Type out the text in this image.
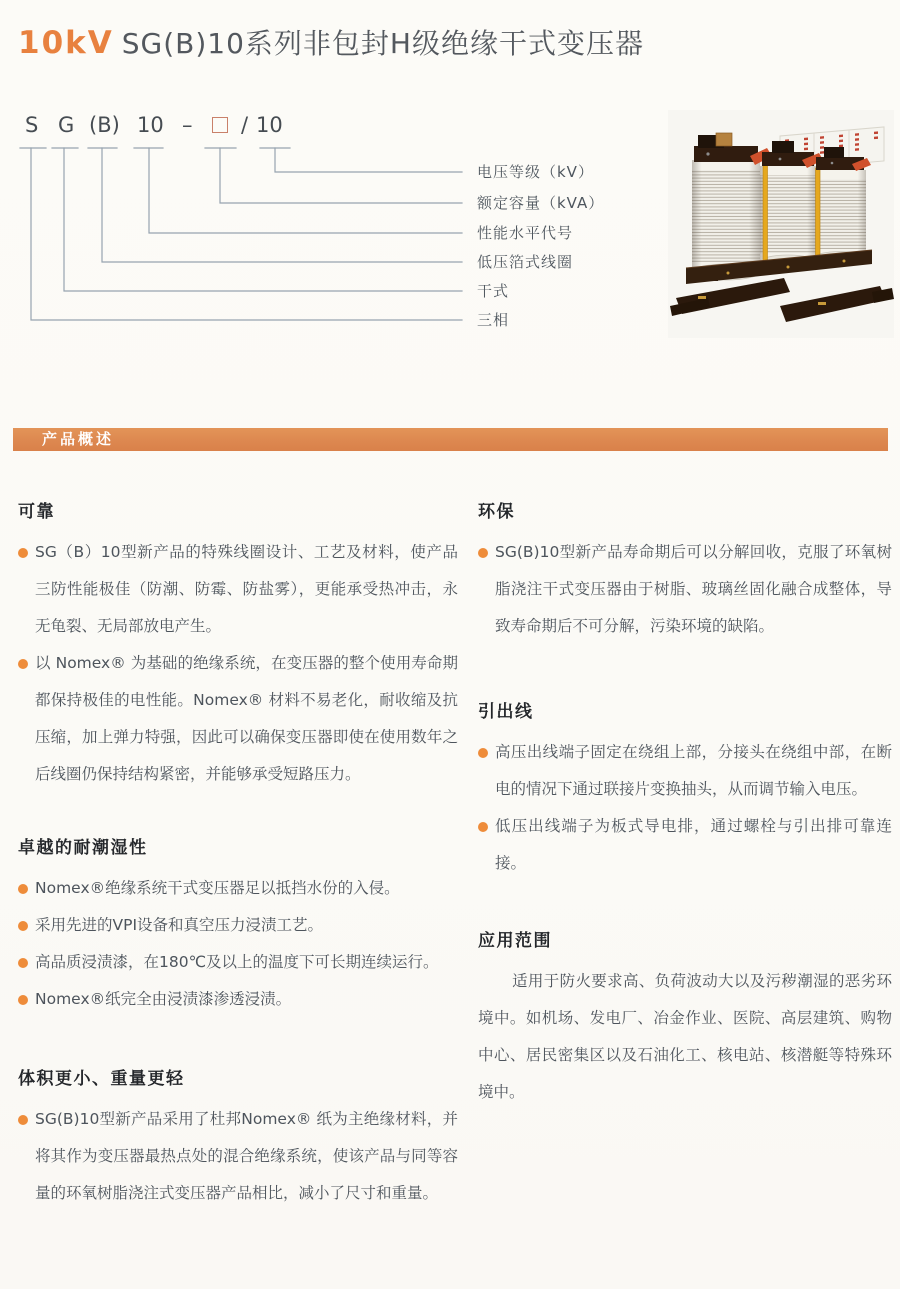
10kV SG(B)10系列非包封H级绝缘干式变压器
S G (B) 10 – / 10
电压等级（kV）
额定容量（kVA）
性能水平代号
低压箔式线圈
干式
三相
产品概述
可靠

SG（B）10型新产品的特殊线圈设计、工艺及材料，使产品三防性能极佳（防潮、防霉、防盐雾），更能承受热冲击，永无龟裂、无局部放电产生。

以 Nomex® 为基础的绝缘系统，在变压器的整个使用寿命期都保持极佳的电性能。Nomex® 材料不易老化，耐收缩及抗压缩，加上弹力特强，因此可以确保变压器即使在使用数年之后线圈仍保持结构紧密，并能够承受短路压力。

卓越的耐潮湿性

Nomex®绝缘系统干式变压器足以抵挡水份的入侵。

采用先进的VPI设备和真空压力浸渍工艺。

高品质浸渍漆，在180℃及以上的温度下可长期连续运行。

Nomex®纸完全由浸渍漆渗透浸渍。

体积更小、重量更轻

SG(B)10型新产品采用了杜邦Nomex® 纸为主绝缘材料，并将其作为变压器最热点处的混合绝缘系统，使该产品与同等容量的环氧树脂浇注式变压器产品相比，减小了尺寸和重量。

环保

SG(B)10型新产品寿命期后可以分解回收，克服了环氧树脂浇注干式变压器由于树脂、玻璃丝固化融合成整体，导致寿命期后不可分解，污染环境的缺陷。

引出线

高压出线端子固定在绕组上部，分接头在绕组中部，在断电的情况下通过联接片变换抽头，从而调节输入电压。

低压出线端子为板式导电排，通过螺栓与引出排可靠连接。

应用范围

适用于防火要求高、负荷波动大以及污秽潮湿的恶劣环境中。如机场、发电厂、冶金作业、医院、高层建筑、购物中心、居民密集区以及石油化工、核电站、核潜艇等特殊环境中。
